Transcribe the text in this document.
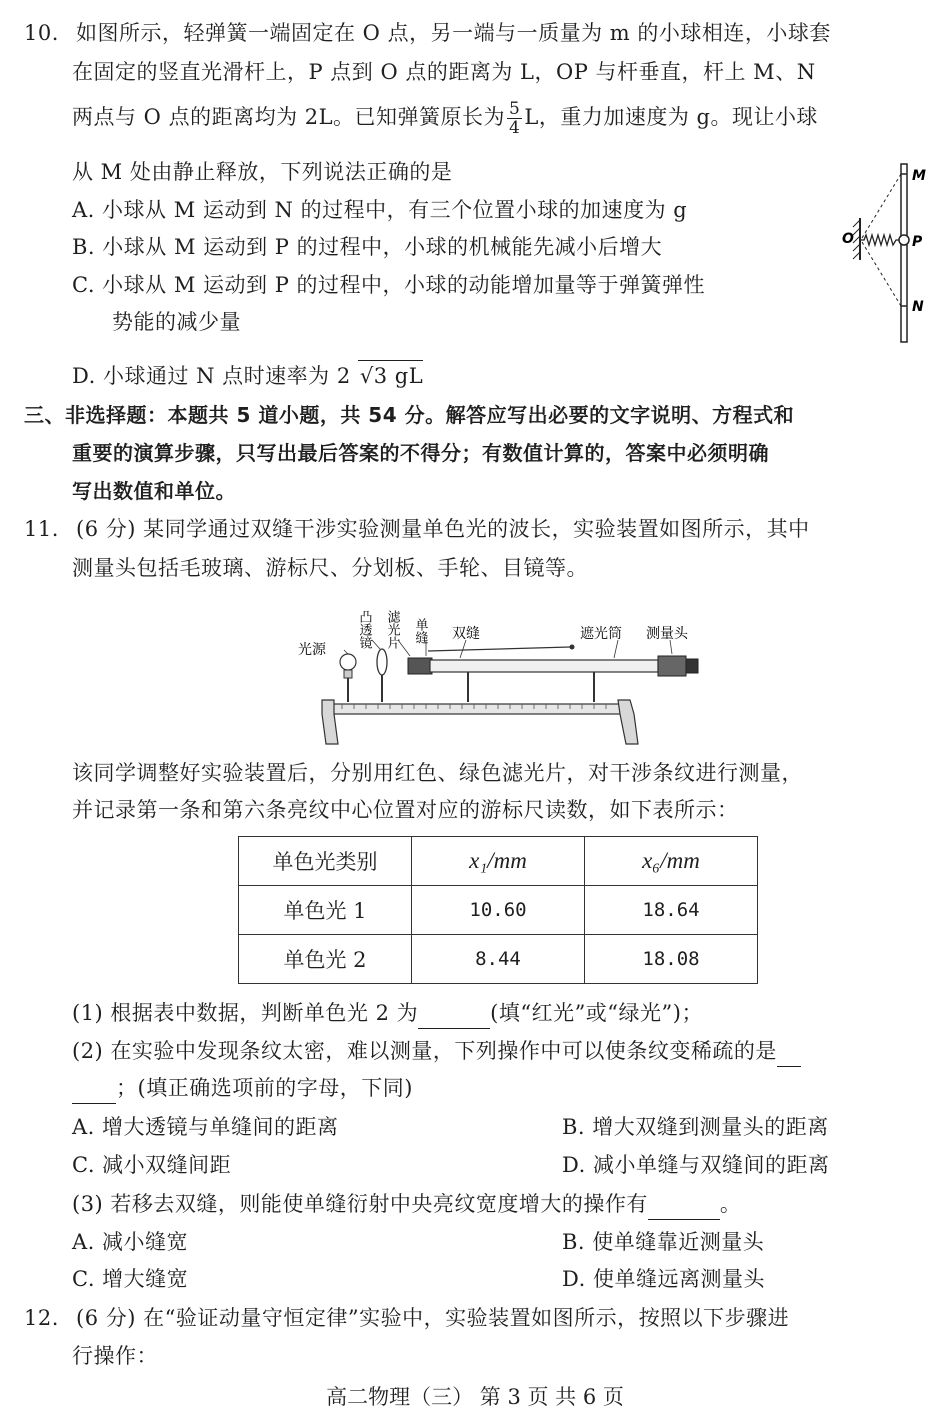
10. 如图所示，轻弹簧一端固定在 O 点，另一端与一质量为 m 的小球相连，小球套
在固定的竖直光滑杆上，P 点到 O 点的距离为 L，OP 与杆垂直，杆上 M、N
两点与 O 点的距离均为 2L。已知弹簧原长为 $\frac{5}{4}$ L，重力加速度为 g。现让小球
从 M 处由静止释放，下列说法正确的是
A. 小球从 M 运动到 N 的过程中，有三个位置小球的加速度为 g
B. 小球从 M 运动到 P 的过程中，小球的机械能先减小后增大
C. 小球从 M 运动到 P 的过程中，小球的动能增加量等于弹簧弹性
势能的减少量
D. 小球通过 N 点时速率为 2 √3 gL
M
P
N
O
三、非选择题：本题共 5 道小题，共 54 分。解答应写出必要的文字说明、方程式和
重要的演算步骤，只写出最后答案的不得分；有数值计算的，答案中必须明确
写出数值和单位。
11. (6 分) 某同学通过双缝干涉实验测量单色光的波长，实验装置如图所示，其中
测量头包括毛玻璃、游标尺、分划板、手轮、目镜等。
光源
凸透镜 滤光片 单缝 双缝	遮光筒 测量头
该同学调整好实验装置后，分别用红色、绿色滤光片，对干涉条纹进行测量，
并记录第一条和第六条亮纹中心位置对应的游标尺读数，如下表所示：
单色光类别	x₁/mm	x₆/mm
单色光 1	10.60	18.64
单色光 2	8.44	18.08
(1) 根据表中数据，判断单色光 2 为	(填“红光”或“绿光”)；
(2) 在实验中发现条纹太密，难以测量，下列操作中可以使条纹变稀疏的是
；(填正确选项前的字母，下同)
A. 增大透镜与单缝间的距离	B. 增大双缝到测量头的距离
C. 减小双缝间距	D. 减小单缝与双缝间的距离
(3) 若移去双缝，则能使单缝衍射中央亮纹宽度增大的操作有	。
A. 减小缝宽	B. 使单缝靠近测量头
C. 增大缝宽	D. 使单缝远离测量头
12. (6 分) 在“验证动量守恒定律”实验中，实验装置如图所示，按照以下步骤进
行操作：
高二物理（三） 第 3 页 共 6 页
